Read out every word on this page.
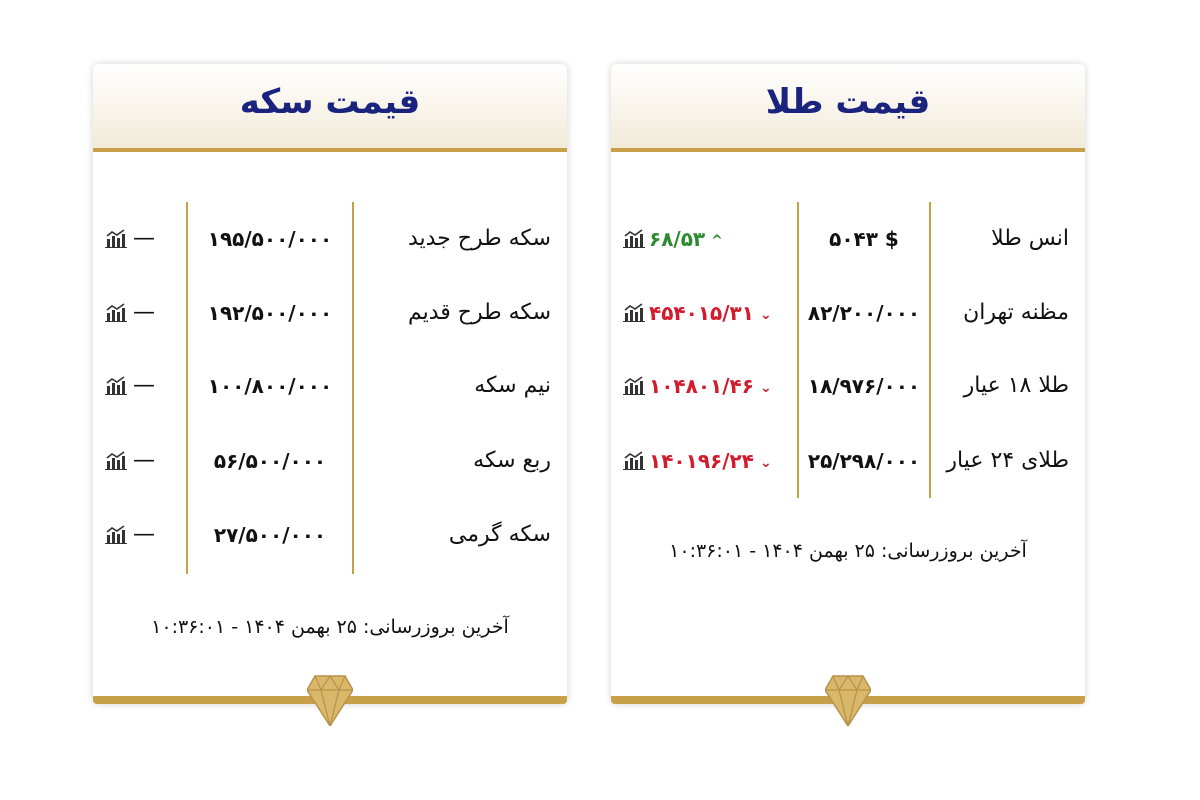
قیمت طلا
انس طلا
۵۰۴۳ $
۶۸/۵۳ ^
مظنه تهران
۸۲/۲۰۰/۰۰۰
۴۵۴۰۱۵/۳۱ ⌄
طلا ۱۸ عیار
۱۸/۹۷۶/۰۰۰
۱۰۴۸۰۱/۴۶ ⌄
طلای ۲۴ عیار
۲۵/۲۹۸/۰۰۰
۱۴۰۱۹۶/۲۴ ⌄
آخرین بروزرسانی: ۲۵ بهمن ۱۴۰۴ - ۱۰:۳۶:۰۱
قیمت سکه
سکه طرح جدید
۱۹۵/۵۰۰/۰۰۰
—
سکه طرح قدیم
۱۹۲/۵۰۰/۰۰۰
—
نیم سکه
۱۰۰/۸۰۰/۰۰۰
—
ربع سکه
۵۶/۵۰۰/۰۰۰
—
سکه گرمی
۲۷/۵۰۰/۰۰۰
—
آخرین بروزرسانی: ۲۵ بهمن ۱۴۰۴ - ۱۰:۳۶:۰۱
